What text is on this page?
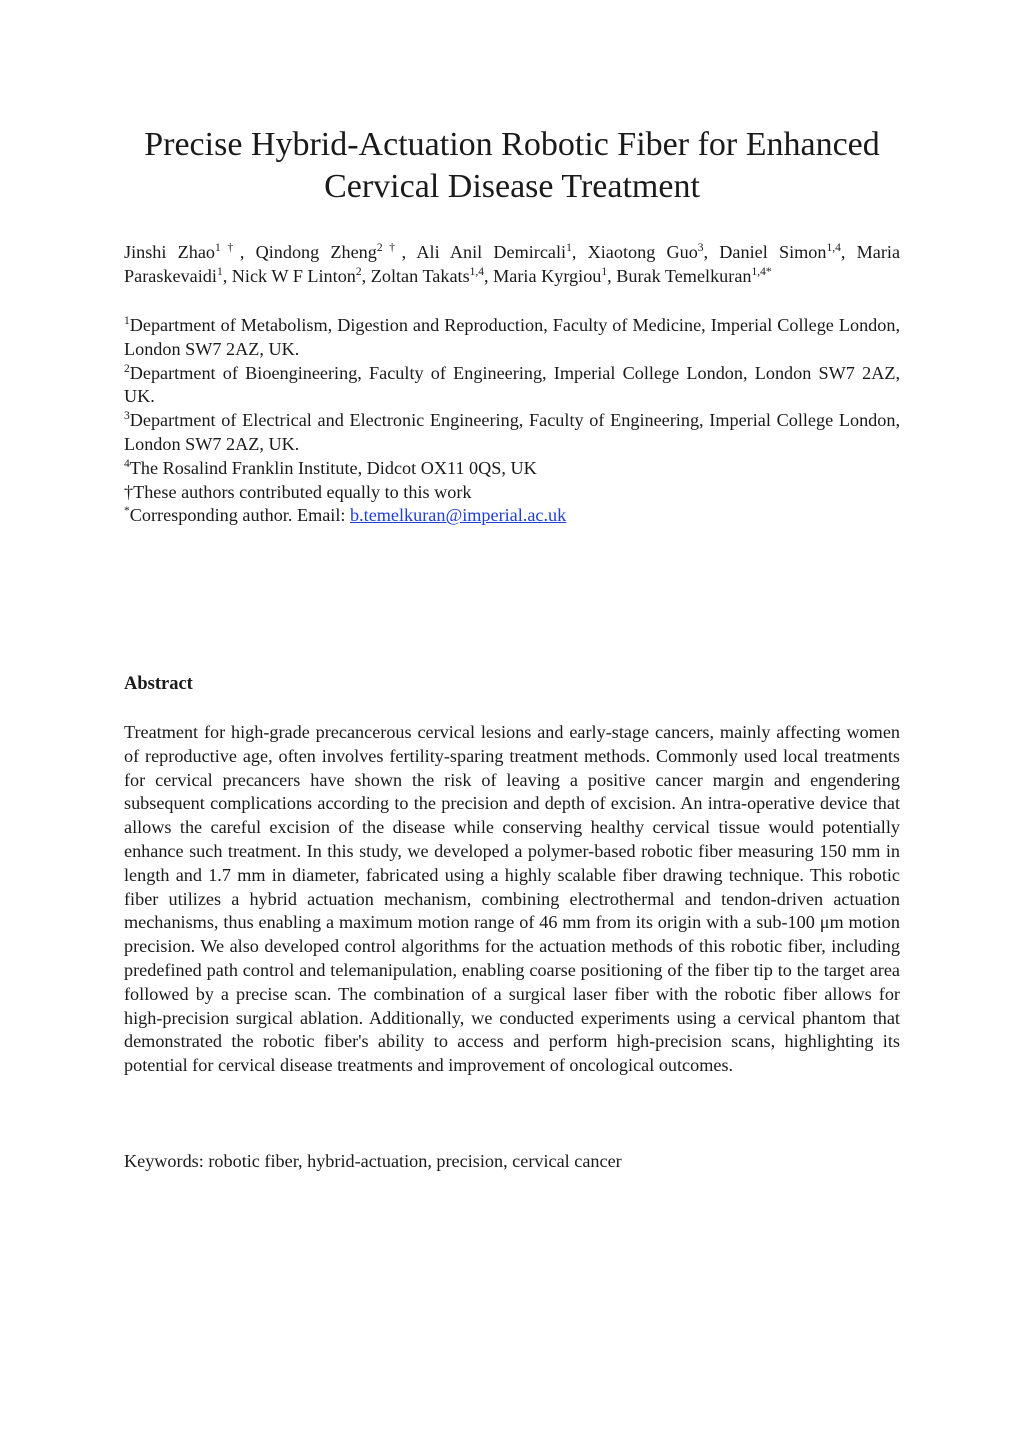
Precise Hybrid-Actuation Robotic Fiber for Enhanced
Cervical Disease Treatment
Jinshi Zhao$^{1\dagger}$, Qindong Zheng$^{2\dagger}$, Ali Anil Demircali$^1$, Xiaotong Guo$^3$, Daniel Simon$^{1,4}$, Maria Paraskevaidi$^1$, Nick W F Linton$^2$, Zoltan Takats$^{1,4}$, Maria Kyrgiou$^1$, Burak Temelkuran$^{1,4*}$

$^1$Department of Metabolism, Digestion and Reproduction, Faculty of Medicine, Imperial College London, London SW7 2AZ, UK.

$^2$Department of Bioengineering, Faculty of Engineering, Imperial College London, London SW7 2AZ, UK.

$^3$Department of Electrical and Electronic Engineering, Faculty of Engineering, Imperial College London, London SW7 2AZ, UK.

$^4$The Rosalind Franklin Institute, Didcot OX11 0QS, UK

†These authors contributed equally to this work

*Corresponding author. Email: b.temelkuran@imperial.ac.uk

Abstract

Treatment for high-grade precancerous cervical lesions and early-stage cancers, mainly affecting women of reproductive age, often involves fertility-sparing treatment methods. Commonly used local treatments for cervical precancers have shown the risk of leaving a positive cancer margin and engendering subsequent complications according to the precision and depth of excision. An intra-operative device that allows the careful excision of the disease while conserving healthy cervical tissue would potentially enhance such treatment. In this study, we developed a polymer-based robotic fiber measuring 150 mm in length and 1.7 mm in diameter, fabricated using a highly scalable fiber drawing technique. This robotic fiber utilizes a hybrid actuation mechanism, combining electrothermal and tendon-driven actuation mechanisms, thus enabling a maximum motion range of 46 mm from its origin with a sub-100 μm motion precision. We also developed control algorithms for the actuation methods of this robotic fiber, including predefined path control and telemanipulation, enabling coarse positioning of the fiber tip to the target area followed by a precise scan. The combination of a surgical laser fiber with the robotic fiber allows for high-precision surgical ablation. Additionally, we conducted experiments using a cervical phantom that demonstrated the robotic fiber's ability to access and perform high-precision scans, highlighting its potential for cervical disease treatments and improvement of oncological outcomes.

Keywords: robotic fiber, hybrid-actuation, precision, cervical cancer
